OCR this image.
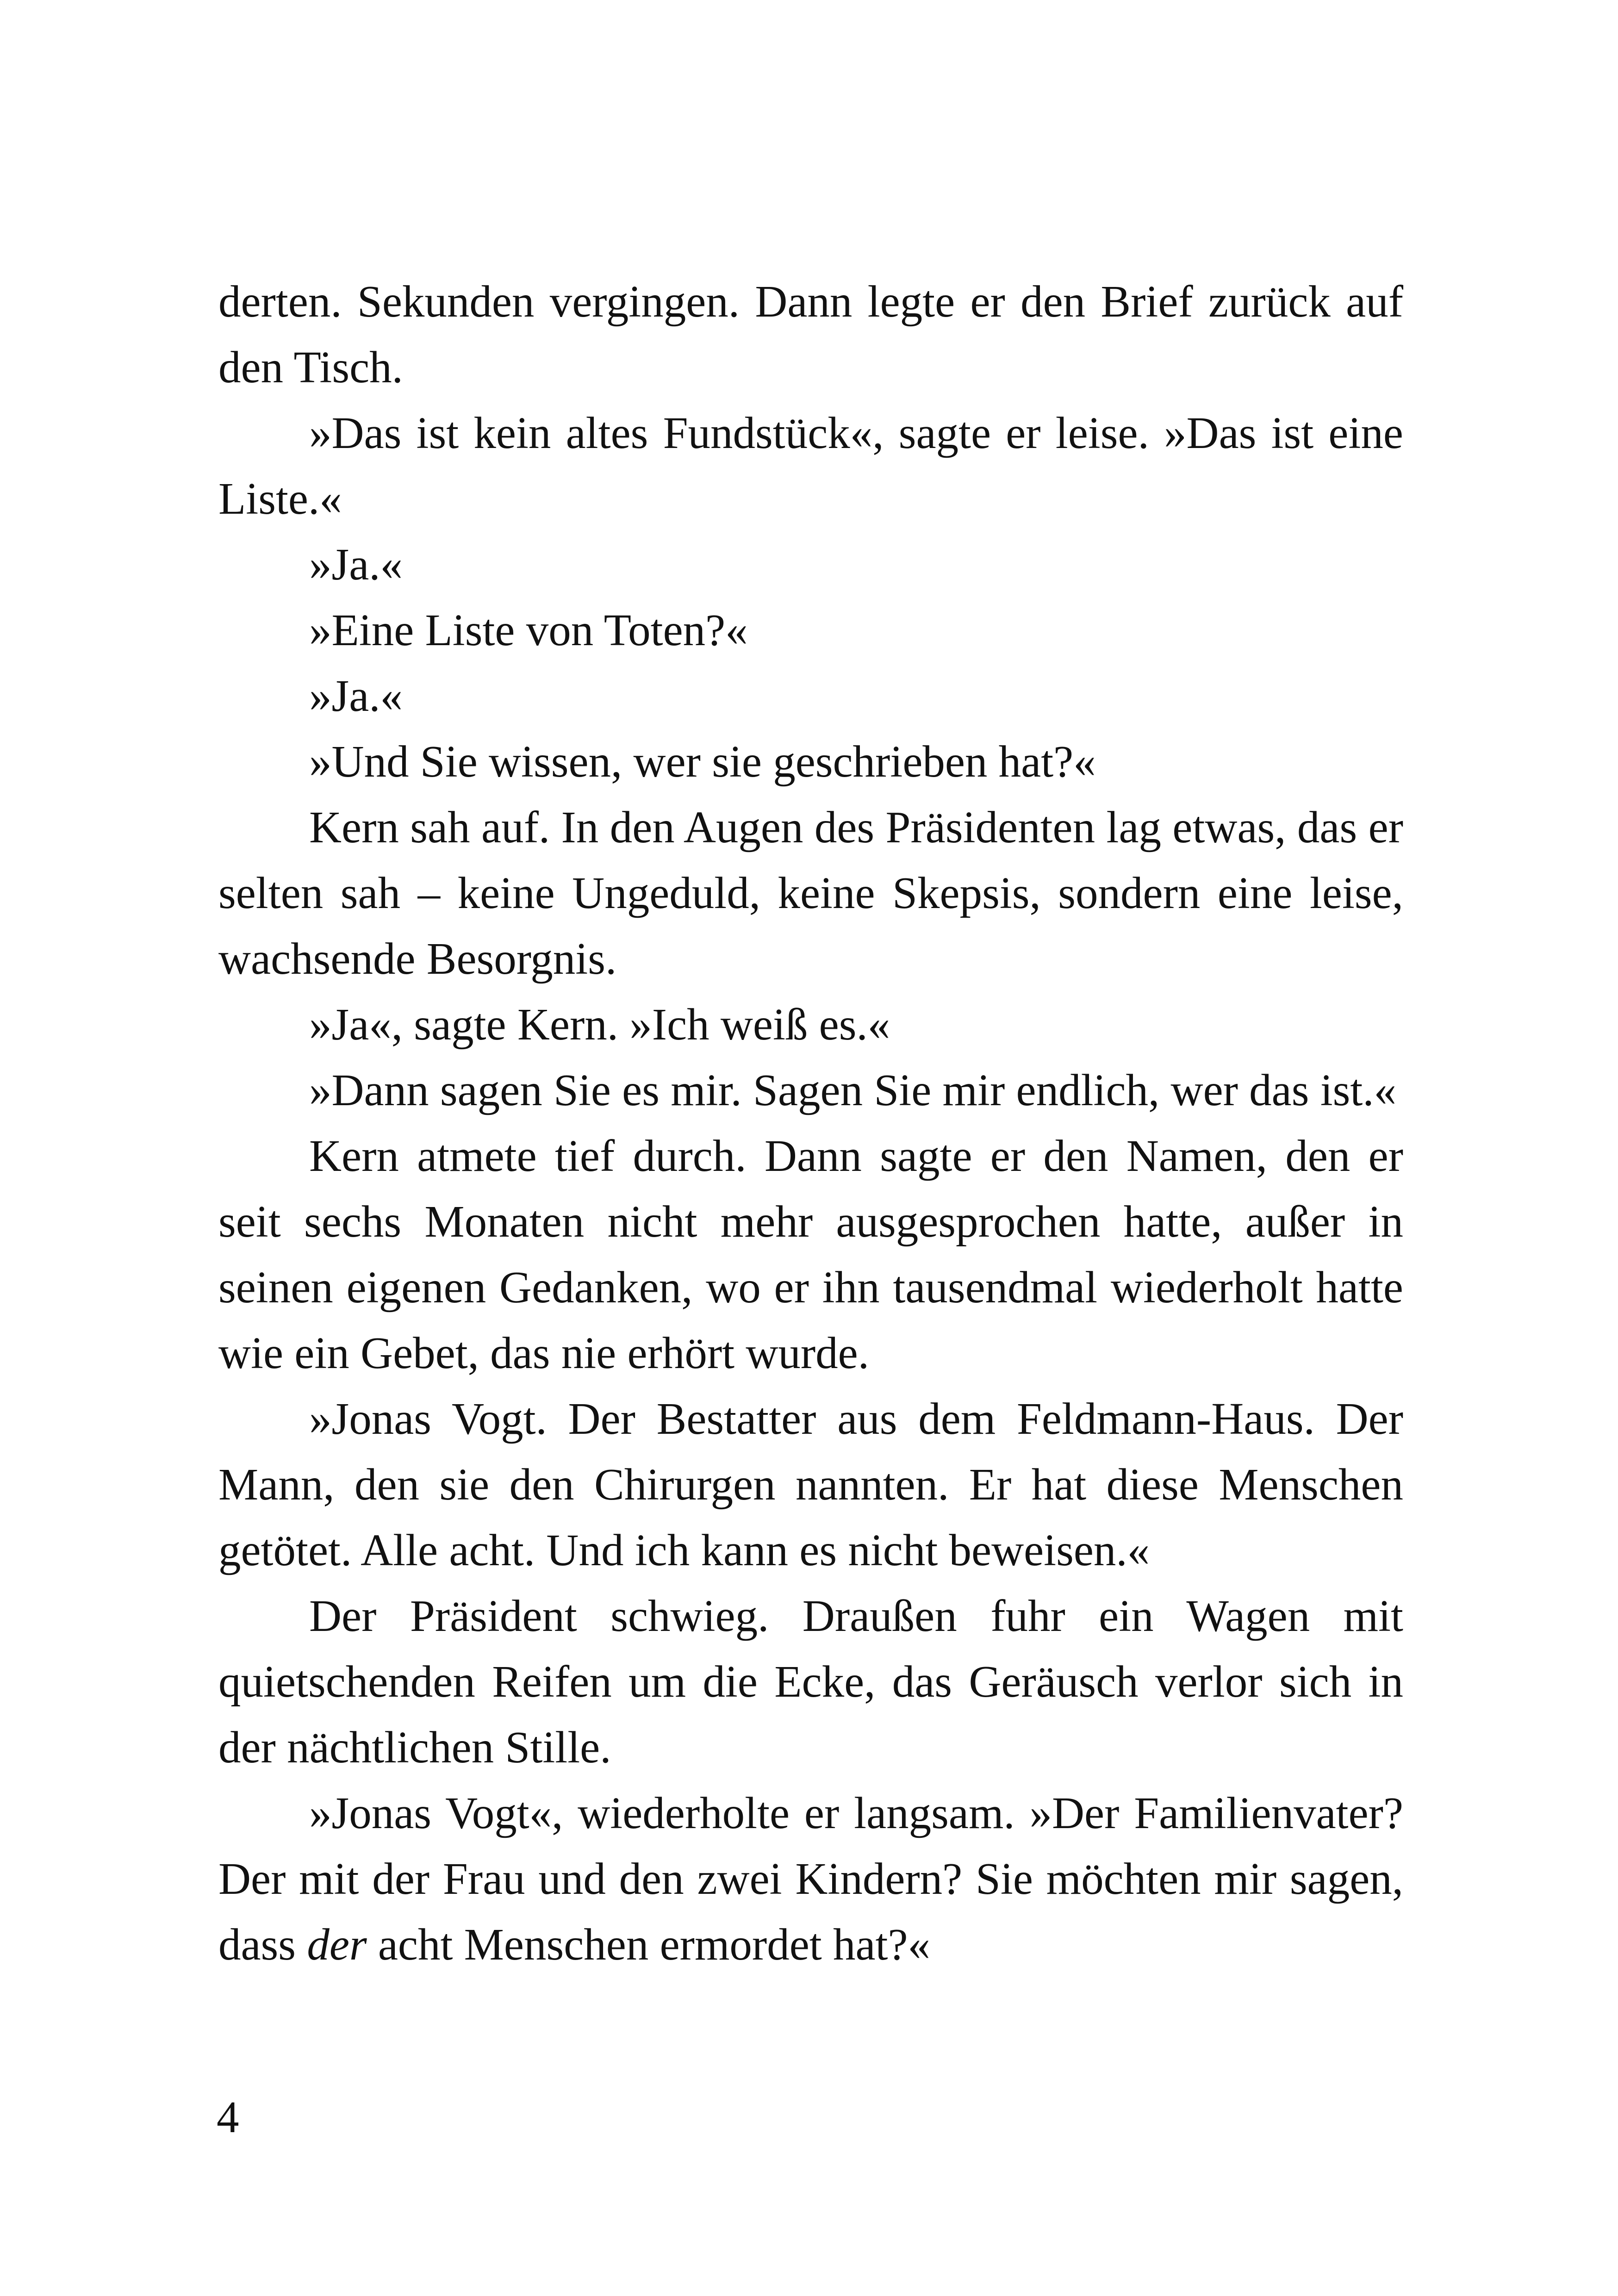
derten. Sekunden vergingen. Dann legte er den Brief zurück auf den Tisch.

»Das ist kein altes Fundstück«, sagte er leise. »Das ist eine Liste.«

»Ja.«

»Eine Liste von Toten?«

»Ja.«

»Und Sie wissen, wer sie geschrieben hat?«

Kern sah auf. In den Augen des Präsidenten lag etwas, das er selten sah – keine Ungeduld, keine Skepsis, sondern eine leise, wachsende Besorgnis.

»Ja«, sagte Kern. »Ich weiß es.«

»Dann sagen Sie es mir. Sagen Sie mir endlich, wer das ist.«

Kern atmete tief durch. Dann sagte er den Namen, den er seit sechs Monaten nicht mehr ausgesprochen hatte, außer in seinen eigenen Gedanken, wo er ihn tausendmal wiederholt hatte wie ein Gebet, das nie erhört wurde.

»Jonas Vogt. Der Bestatter aus dem Feldmann-Haus. Der Mann, den sie den Chirurgen nannten. Er hat diese Menschen getötet. Alle acht. Und ich kann es nicht beweisen.«

Der Präsident schwieg. Draußen fuhr ein Wagen mit quietschenden Reifen um die Ecke, das Geräusch verlor sich in der nächtlichen Stille.

»Jonas Vogt«, wiederholte er langsam. »Der Familienvater? Der mit der Frau und den zwei Kindern? Sie möchten mir sagen, dass der acht Menschen ermordet hat?«

4
